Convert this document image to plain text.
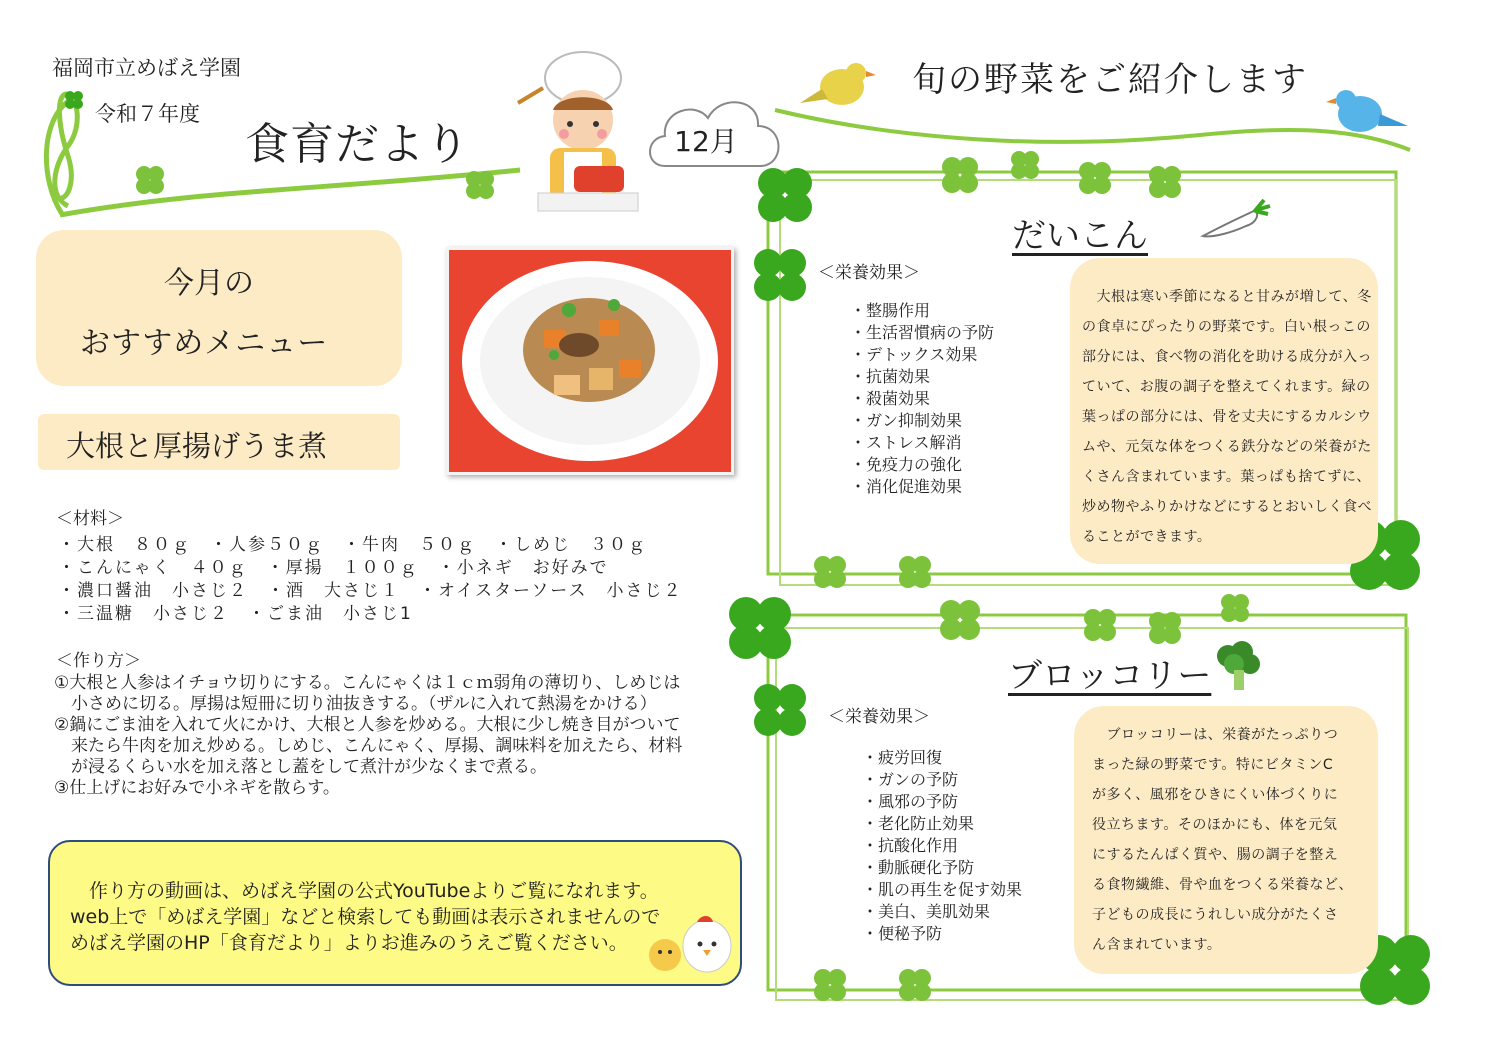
福岡市立めばえ学園
令和７年度
食育だより	12月
旬の野菜をご紹介します
今月の
おすすめメニュー
大根と厚揚げうま煮
＜材料＞
・大根　８０ｇ　・人参５０ｇ　・牛肉　５０ｇ　・しめじ　３０ｇ
・こんにゃく　４０ｇ　・厚揚　１００ｇ　・小ネギ　お好みで
・濃口醤油　小さじ２　・酒　大さじ１　・オイスターソース　小さじ２
・三温糖　小さじ２　・ごま油　小さじ1
＜作り方＞
①大根と人参はイチョウ切りにする。こんにゃくは１ｃｍ弱角の薄切り、しめじは
　小さめに切る。厚揚は短冊に切り油抜きする。（ザルに入れて熱湯をかける）
②鍋にごま油を入れて火にかけ、大根と人参を炒める。大根に少し焼き目がついて
　来たら牛肉を加え炒める。しめじ、こんにゃく、厚揚、調味料を加えたら、材料
　が浸るくらい水を加え落とし蓋をして煮汁が少なくまで煮る。
③仕上げにお好みで小ネギを散らす。
　作り方の動画は、めばえ学園の公式YouTubeよりご覧になれます。
web上で「めばえ学園」などと検索しても動画は表示されませんので
めばえ学園のHP「食育だより」よりお進みのうえご覧ください。
だいこん
＜栄養効果＞
・整腸作用
・生活習慣病の予防
・デトックス効果
・抗菌効果
・殺菌効果
・ガン抑制効果
・ストレス解消
・免疫力の強化
・消化促進効果
　大根は寒い季節になると甘みが増して、冬
の食卓にぴったりの野菜です。白い根っこの
部分には、食べ物の消化を助ける成分が入っ
ていて、お腹の調子を整えてくれます。緑の
葉っぱの部分には、骨を丈夫にするカルシウ
ムや、元気な体をつくる鉄分などの栄養がた
くさん含まれています。葉っぱも捨てずに、
炒め物やふりかけなどにするとおいしく食べ
ることができます。
ブロッコリー
＜栄養効果＞
・疲労回復
・ガンの予防
・風邪の予防
・老化防止効果
・抗酸化作用
・動脈硬化予防
・肌の再生を促す効果
・美白、美肌効果
・便秘予防
　ブロッコリーは、栄養がたっぷりつ
まった緑の野菜です。特にビタミンC
が多く、風邪をひきにくい体づくりに
役立ちます。そのほかにも、体を元気
にするたんぱく質や、腸の調子を整え
る食物繊維、骨や血をつくる栄養など、
子どもの成長にうれしい成分がたくさ
ん含まれています。
